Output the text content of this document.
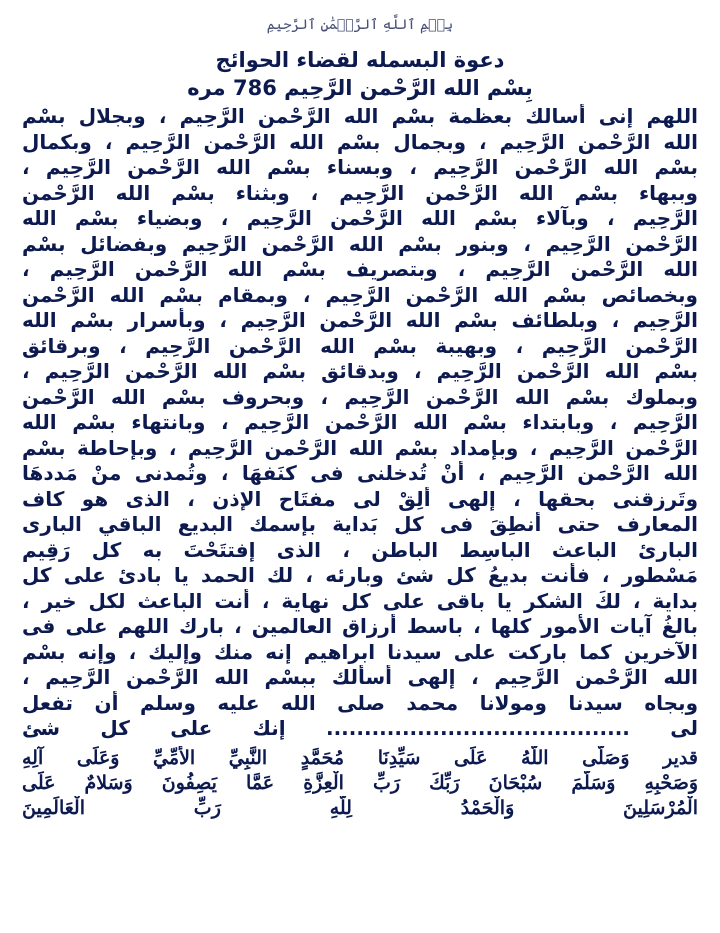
بِسۡمِ ٱللَّهِ ٱلرَّحۡمَٰنِ ٱلرَّحِيمِ
دعوة البسمله لقضاء الحوائج
بِسْم الله الرَّحْمن الرَّحِيم 786 مره
اللهم إنى أسالك بعظمة بسْم الله الرَّحْمن الرَّحِيم ، وبجلال بسْم
الله الرَّحْمن الرَّحِيم ، وبجمال بسْم الله الرَّحْمن الرَّحِيم ، وبكمال
بسْم الله الرَّحْمن الرَّحِيم ، وبسناء بسْم الله الرَّحْمن الرَّحِيم ،
وببهاء بسْم الله الرَّحْمن الرَّحِيم ، وبثناء بسْم الله الرَّحْمن
الرَّحِيم ، وبآلاء بسْم الله الرَّحْمن الرَّحِيم ، وبضياء بسْم الله
الرَّحْمن الرَّحِيم ، وبنور بسْم الله الرَّحْمن الرَّحِيم وبفضائل بسْم
الله الرَّحْمن الرَّحِيم ، وبتصريف بسْم الله الرَّحْمن الرَّحِيم ،
وبخصائص بسْم الله الرَّحْمن الرَّحِيم ، وبمقام بسْم الله الرَّحْمن
الرَّحِيم ، وبلطائف بسْم الله الرَّحْمن الرَّحِيم ، وبأسرار بسْم الله
الرَّحْمن الرَّحِيم ، وبهيبة بسْم الله الرَّحْمن الرَّحِيم ، وبرقائق
بسْم الله الرَّحْمن الرَّحِيم ، وبدقائق بسْم الله الرَّحْمن الرَّحِيم ،
وبملوك بسْم الله الرَّحْمن الرَّحِيم ، وبحروف بسْم الله الرَّحْمن
الرَّحِيم ، وبابتداء بسْم الله الرَّحْمن الرَّحِيم ، وبانتهاء بسْم الله
الرَّحْمن الرَّحِيم ، وبإمداد بسْم الله الرَّحْمن الرَّحِيم ، وبإحاطة بسْم
الله الرَّحْمن الرَّحِيم ، أنْ تُدخلنى فى كنَفهَا ، وتُمدنى منْ مَددهَا
وتَرزقنى بحقها ، إلهى ألِقْ لى مفتَاح الإذن ، الذى هو كاف
المعارف حتى أنطِقَ فى كل بَداية بإسمك البديع الباقي البارى
البارئ الباعث الباسِط الباطن ، الذى إفتتَحْتَ به كل رَقِيم
مَسْطور ، فأنت بديعُ كل شئ وبارئه ، لك الحمد يا بادئ على كل
بداية ، لكَ الشكر يا باقى على كل نهاية ، أنت الباعث لكل خير ،
بالغُ آيات الأمور كلها ، باسط أرزاق العالمين ، بارك اللهم على فى
الآخرين كما باركت على سيدنا ابراهيم إنه منك وإليك ، وإنه بسْم
الله الرَّحْمن الرَّحِيم ، إلهى أسألك ببسْم الله الرَّحْمن الرَّحِيم ،
وبجاه سيدنا ومولانا محمد صلى الله عليه وسلم أن تفعل
لى ........................................ إنك على كل شئ
قدير وَصَلَّى اللّهُ عَلَى سَيِّدِنَا مُحَمَّدٍ النَّبِيِّ الأُمِّيِّ وَعَلَى آلِهِ
وَصَحْبِهِ وَسَلَّمَ سُبْحَانَ رَبِّكَ رَبِّ الْعِزَّةِ عَمَّا يَصِفُونَ وَسَلامٌ عَلَى
الْمُرْسَلِينَ وَالْحَمْدُ لِلَّهِ رَبِّ الْعَالَمِينَ
